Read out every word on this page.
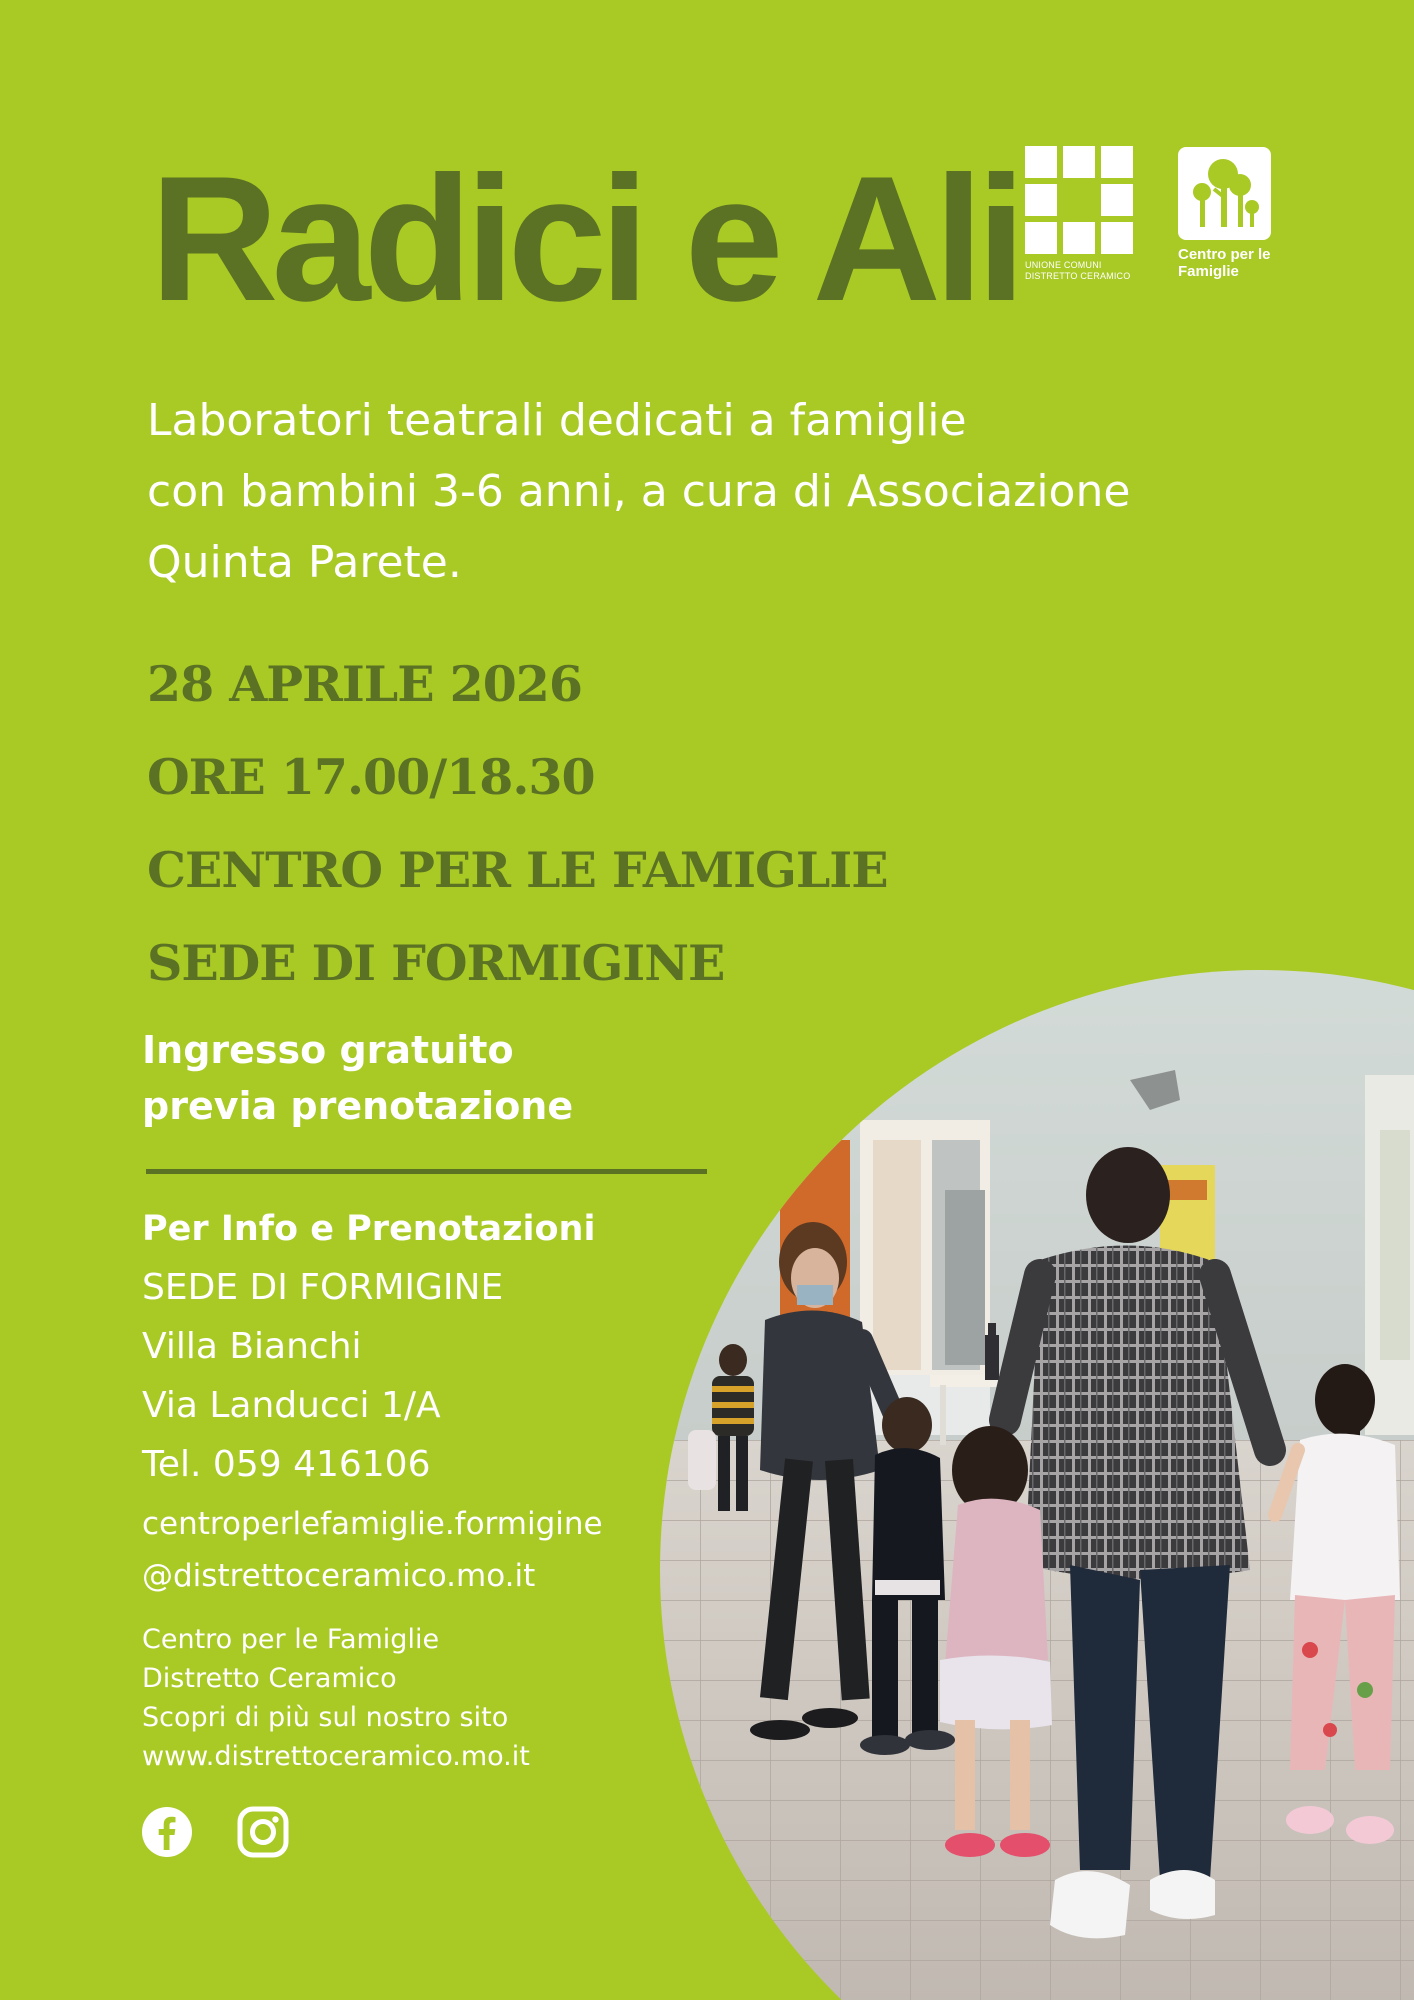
Radici e Ali UNIONE COMUNI
DISTRETTO CERAMICO
Centro per le
Famiglie
Laboratori teatrali dedicati a famiglie
con bambini 3-6 anni, a cura di Associazione
Quinta Parete.
28 APRILE 2026
ORE 17.00/18.30
CENTRO PER LE FAMIGLIE
SEDE DI FORMIGINE
Ingresso gratuito
previa prenotazione
Per Info e Prenotazioni
SEDE DI FORMIGINE
Villa Bianchi
Via Landucci 1/A
Tel. 059 416106
centroperlefamiglie.formigine
@distrettoceramico.mo.it
Centro per le Famiglie
Distretto Ceramico
Scopri di più sul nostro sito
www.distrettoceramico.mo.it
